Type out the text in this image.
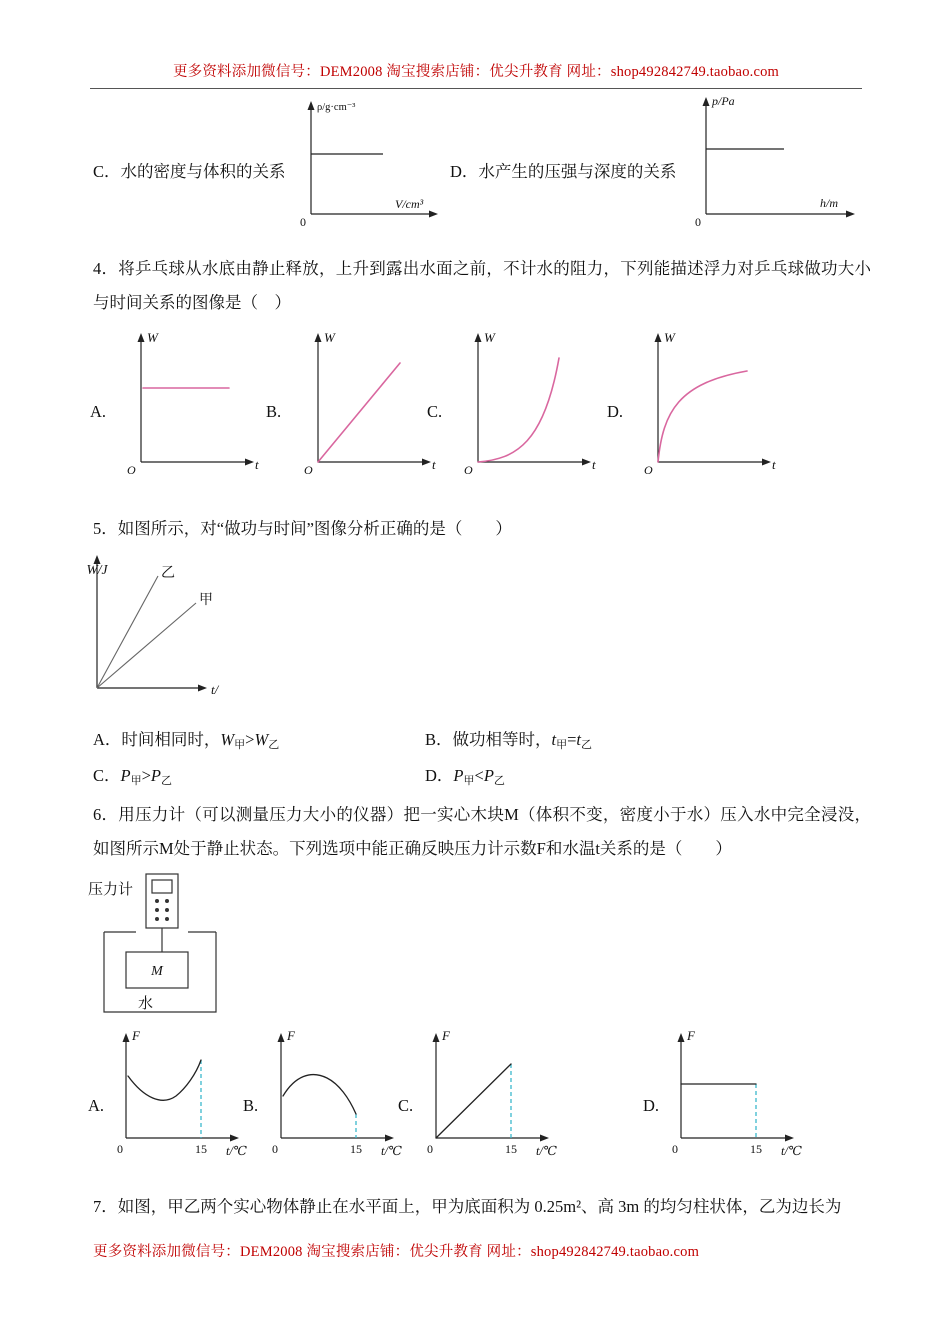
更多资料添加微信号：DEM2008 淘宝搜索店铺：优尖升教育 网址：shop492842749.taobao.com
ρ/g·cm⁻³
V/cm³
0
p/Pa
h/m
0
C．水的密度与体积的关系	D．水产生的压强与深度的关系
4．将乒乓球从水底由静止释放，上升到露出水面之前，不计水的阻力，下列能描述浮力对乒乓球做功大小与时间关系的图像是（　）
A.
W
O	t
B.
W
O	t
C.
W
O	t
D.
W
O	t
5．如图所示，对“做功与时间”图像分析正确的是（　　）
W/J
t/
乙
甲
A．时间相同时，$W_甲>W_乙$	B．做功相等时，$t_甲=t_乙$
C．$P_甲>P_乙$	D．$P_甲<P_乙$
6．用压力计（可以测量压力大小的仪器）把一实心木块M（体积不变，密度小于水）压入水中完全浸没，如图所示M处于静止状态。下列选项中能正确反映压力计示数F和水温t关系的是（　　）
压力计
M
水
A.
F
0	15 t/℃
B.
F
0	15 t/℃
C.
F
0	15 t/℃
D.
F
0	15 t/℃
7．如图，甲乙两个实心物体静止在水平面上，甲为底面积为 0.25m²、高 3m 的均匀柱状体，乙为边长为
更多资料添加微信号：DEM2008 淘宝搜索店铺：优尖升教育 网址：shop492842749.taobao.com
